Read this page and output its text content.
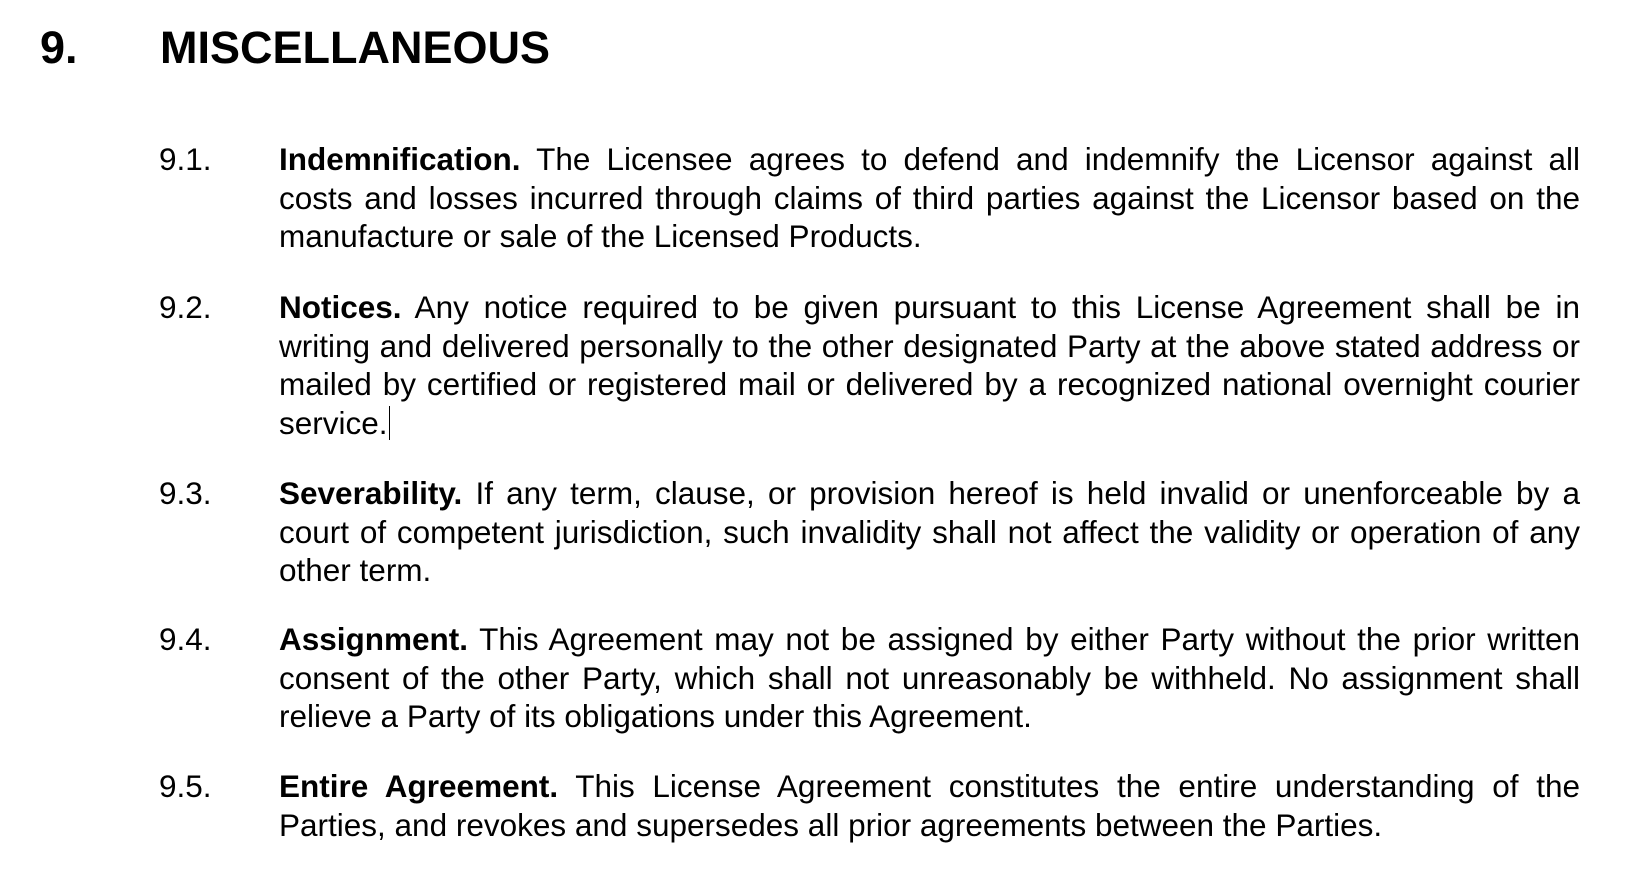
9. MISCELLANEOUS
9.1.	Indemnification. The Licensee agrees to defend and indemnify the Licensor against all costs and losses incurred through claims of third parties against the Licensor based on the manufacture or sale of the Licensed Products.
9.2.	Notices. Any notice required to be given pursuant to this License Agreement shall be in writing and delivered personally to the other designated Party at the above stated address or mailed by certified or registered mail or delivered by a recognized national overnight courier service.
9.3.	Severability. If any term, clause, or provision hereof is held invalid or unenforceable by a court of competent jurisdiction, such invalidity shall not affect the validity or operation of any other term.
9.4.	Assignment. This Agreement may not be assigned by either Party without the prior written consent of the other Party, which shall not unreasonably be withheld. No assignment shall relieve a Party of its obligations under this Agreement.
9.5.	Entire Agreement. This License Agreement constitutes the entire understanding of the Parties, and revokes and supersedes all prior agreements between the Parties.
